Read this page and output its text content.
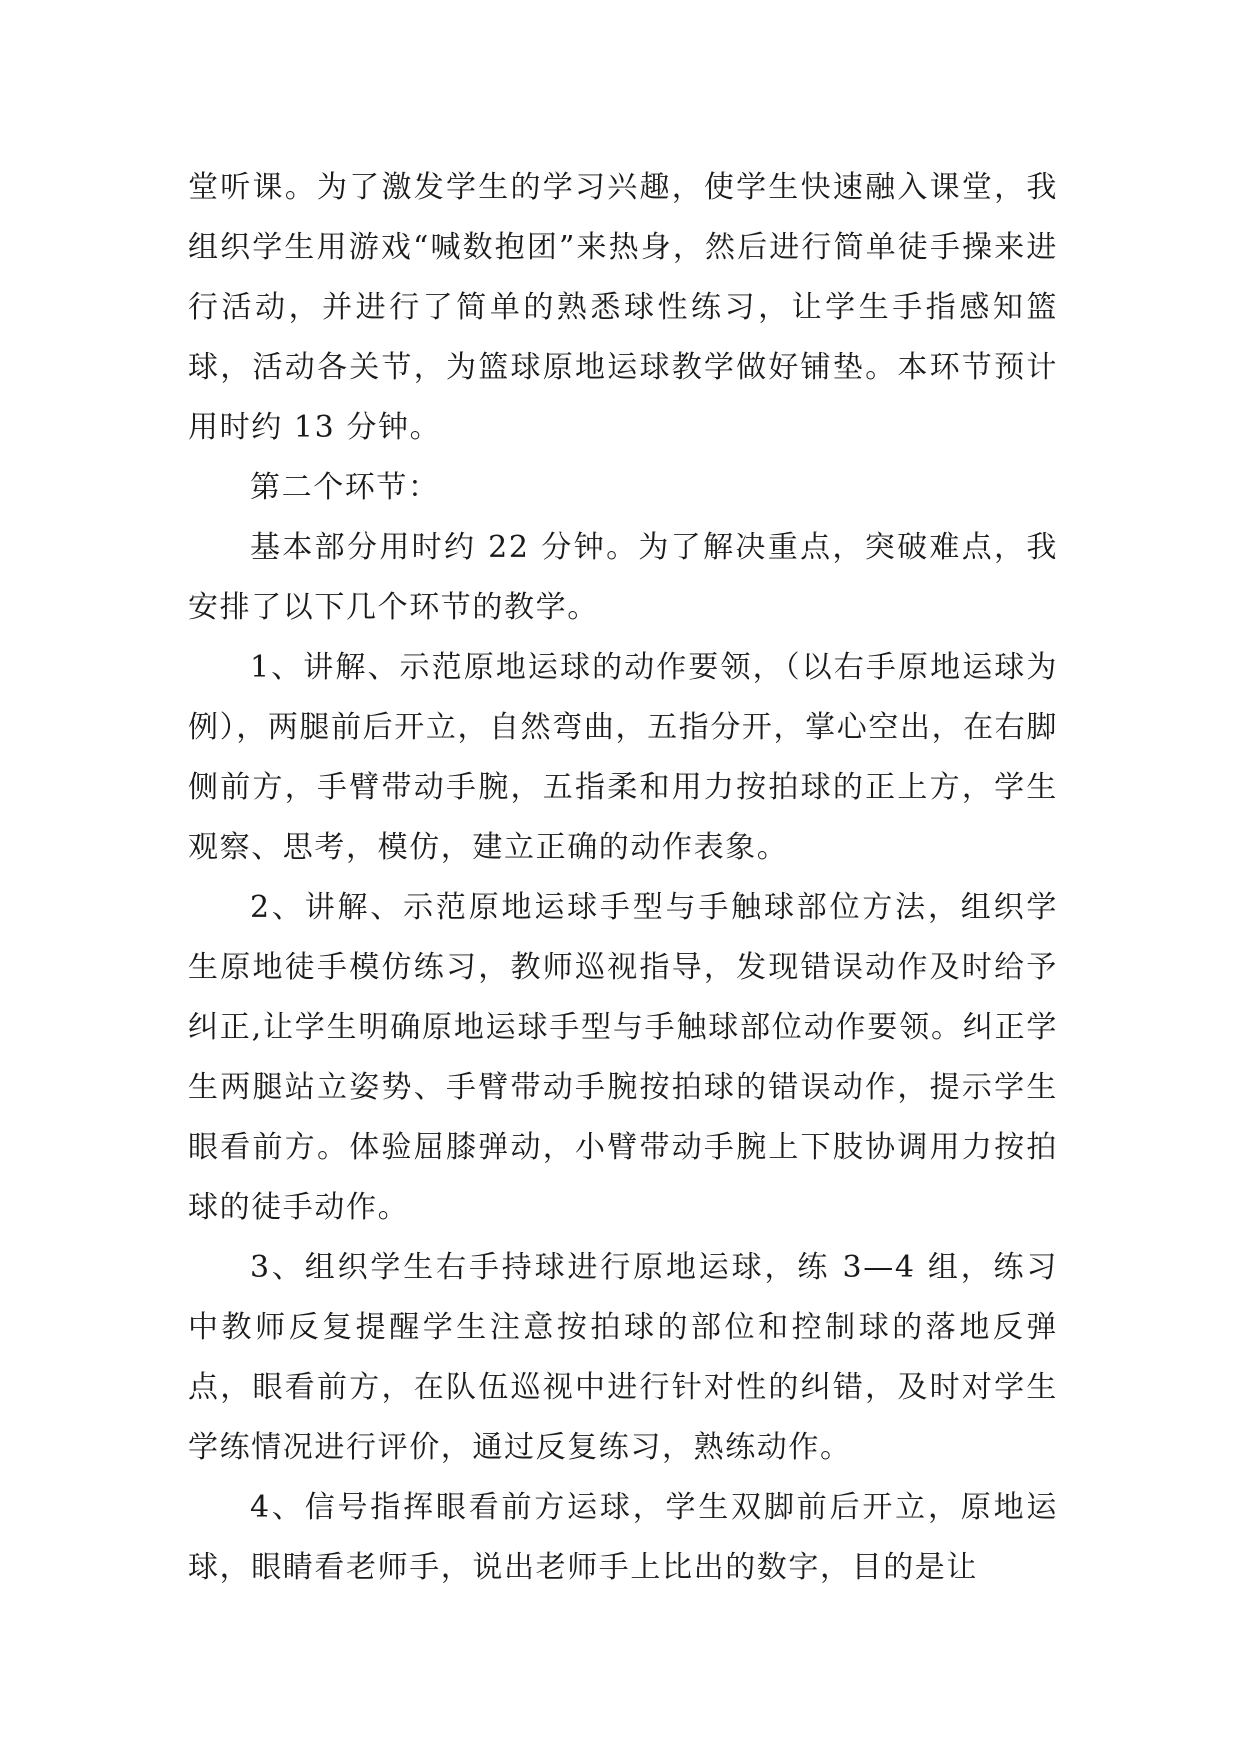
堂听课。为了激发学生的学习兴趣，使学生快速融入课堂，我组织学生用游戏“喊数抱团”来热身，然后进行简单徒手操来进行活动，并进行了简单的熟悉球性练习，让学生手指感知篮球，活动各关节，为篮球原地运球教学做好铺垫。本环节预计用时约 13 分钟。

第二个环节：

基本部分用时约 22 分钟。为了解决重点，突破难点，我安排了以下几个环节的教学。

1、讲解、示范原地运球的动作要领，（以右手原地运球为例），两腿前后开立，自然弯曲，五指分开，掌心空出，在右脚侧前方，手臂带动手腕，五指柔和用力按拍球的正上方，学生观察、思考，模仿，建立正确的动作表象。

2、讲解、示范原地运球手型与手触球部位方法，组织学生原地徒手模仿练习，教师巡视指导，发现错误动作及时给予纠正,让学生明确原地运球手型与手触球部位动作要领。纠正学生两腿站立姿势、手臂带动手腕按拍球的错误动作，提示学生眼看前方。体验屈膝弹动，小臂带动手腕上下肢协调用力按拍球的徒手动作。

3、组织学生右手持球进行原地运球，练 3—4 组，练习中教师反复提醒学生注意按拍球的部位和控制球的落地反弹点，眼看前方，在队伍巡视中进行针对性的纠错，及时对学生学练情况进行评价，通过反复练习，熟练动作。

4、信号指挥眼看前方运球，学生双脚前后开立，原地运球，眼睛看老师手，说出老师手上比出的数字，目的是让
